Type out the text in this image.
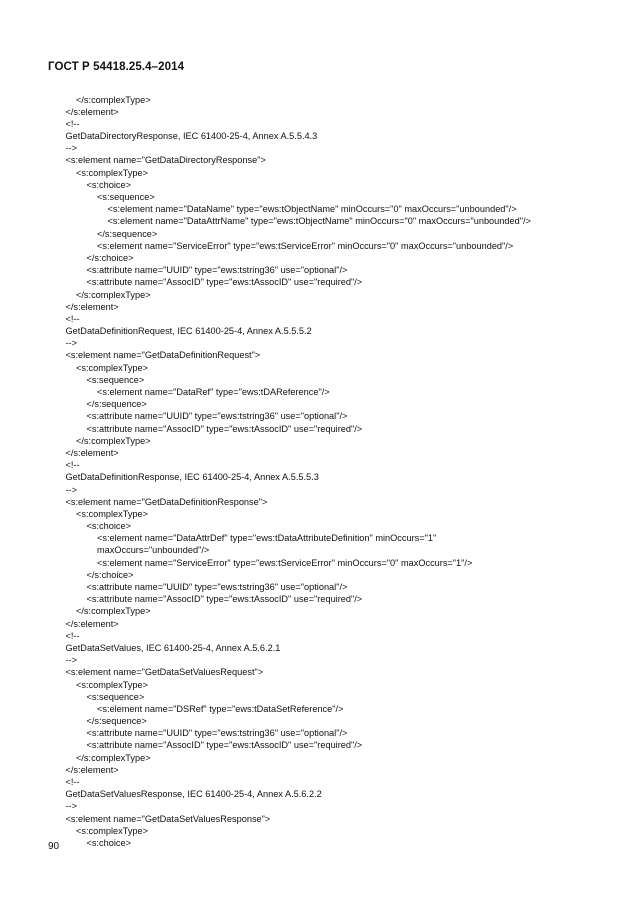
ГОСТ Р 54418.25.4–2014
</s:complexType>
</s:element>
<!--
GetDataDirectoryResponse, IEC 61400-25-4, Annex A.5.5.4.3
-->
<s:element name="GetDataDirectoryResponse">
<s:complexType>
<s:choice>
<s:sequence>
<s:element name="DataName" type="ews:tObjectName" minOccurs="0" maxOccurs="unbounded"/>
<s:element name="DataAttrName" type="ews:tObjectName" minOccurs="0" maxOccurs="unbounded"/>
</s:sequence>
<s:element name="ServiceError" type="ews:tServiceError" minOccurs="0" maxOccurs="unbounded"/>
</s:choice>
<s:attribute name="UUID" type="ews:tstring36" use="optional"/>
<s:attribute name="AssocID" type="ews:tAssocID" use="required"/>
</s:complexType>
</s:element>
<!--
GetDataDefinitionRequest, IEC 61400-25-4, Annex A.5.5.5.2
-->
<s:element name="GetDataDefinitionRequest">
<s:complexType>
<s:sequence>
<s:element name="DataRef" type="ews:tDAReference"/>
</s:sequence>
<s:attribute name="UUID" type="ews:tstring36" use="optional"/>
<s:attribute name="AssocID" type="ews:tAssocID" use="required"/>
</s:complexType>
</s:element>
<!--
GetDataDefinitionResponse, IEC 61400-25-4, Annex A.5.5.5.3
-->
<s:element name="GetDataDefinitionResponse">
<s:complexType>
<s:choice>
<s:element name="DataAttrDef" type="ews:tDataAttributeDefinition" minOccurs="1"
maxOccurs="unbounded"/>
<s:element name="ServiceError" type="ews:tServiceError" minOccurs="0" maxOccurs="1"/>
</s:choice>
<s:attribute name="UUID" type="ews:tstring36" use="optional"/>
<s:attribute name="AssocID" type="ews:tAssocID" use="required"/>
</s:complexType>
</s:element>
<!--
GetDataSetValues, IEC 61400-25-4, Annex A.5.6.2.1
-->
<s:element name="GetDataSetValuesRequest">
<s:complexType>
<s:sequence>
<s:element name="DSRef" type="ews:tDataSetReference"/>
</s:sequence>
<s:attribute name="UUID" type="ews:tstring36" use="optional"/>
<s:attribute name="AssocID" type="ews:tAssocID" use="required"/>
</s:complexType>
</s:element>
<!--
GetDataSetValuesResponse, IEC 61400-25-4, Annex A.5.6.2.2
-->
<s:element name="GetDataSetValuesResponse">
<s:complexType>
<s:choice>
90
